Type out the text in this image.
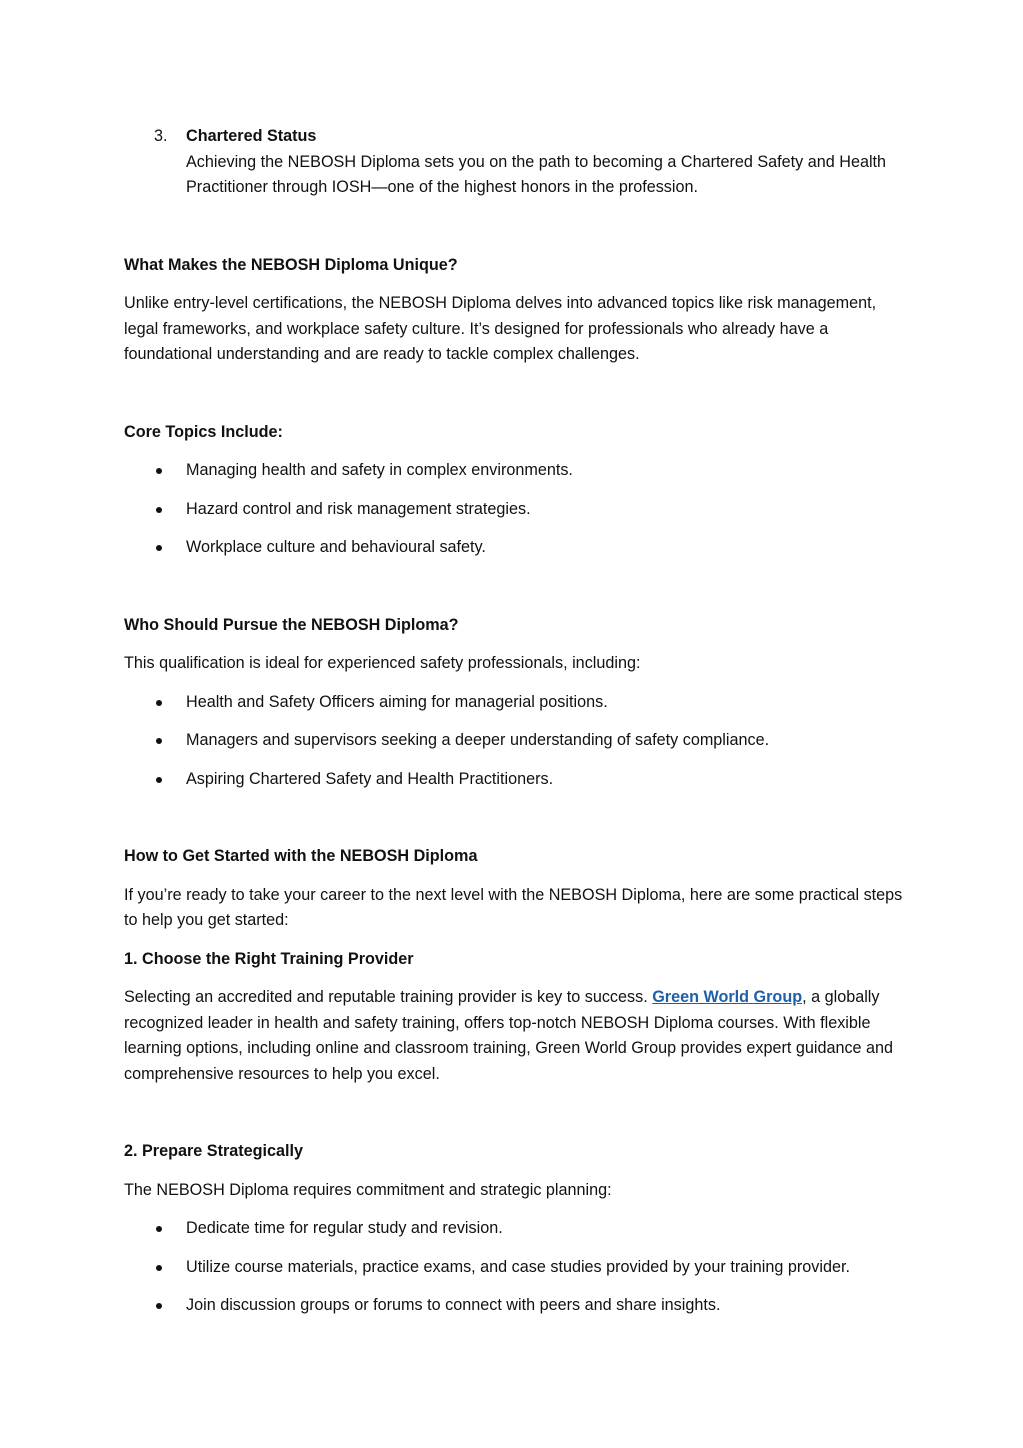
3. Chartered Status

Achieving the NEBOSH Diploma sets you on the path to becoming a Chartered Safety and Health Practitioner through IOSH—one of the highest honors in the profession.

What Makes the NEBOSH Diploma Unique?

Unlike entry-level certifications, the NEBOSH Diploma delves into advanced topics like risk management, legal frameworks, and workplace safety culture. It’s designed for professionals who already have a foundational understanding and are ready to tackle complex challenges.

Core Topics Include:

Managing health and safety in complex environments.
Hazard control and risk management strategies.
Workplace culture and behavioural safety.

Who Should Pursue the NEBOSH Diploma?

This qualification is ideal for experienced safety professionals, including:

Health and Safety Officers aiming for managerial positions.
Managers and supervisors seeking a deeper understanding of safety compliance.
Aspiring Chartered Safety and Health Practitioners.

How to Get Started with the NEBOSH Diploma

If you’re ready to take your career to the next level with the NEBOSH Diploma, here are some practical steps to help you get started:

1. Choose the Right Training Provider

Selecting an accredited and reputable training provider is key to success. Green World Group, a globally recognized leader in health and safety training, offers top-notch NEBOSH Diploma courses. With flexible learning options, including online and classroom training, Green World Group provides expert guidance and comprehensive resources to help you excel.

2. Prepare Strategically

The NEBOSH Diploma requires commitment and strategic planning:

Dedicate time for regular study and revision.
Utilize course materials, practice exams, and case studies provided by your training provider.
Join discussion groups or forums to connect with peers and share insights.
